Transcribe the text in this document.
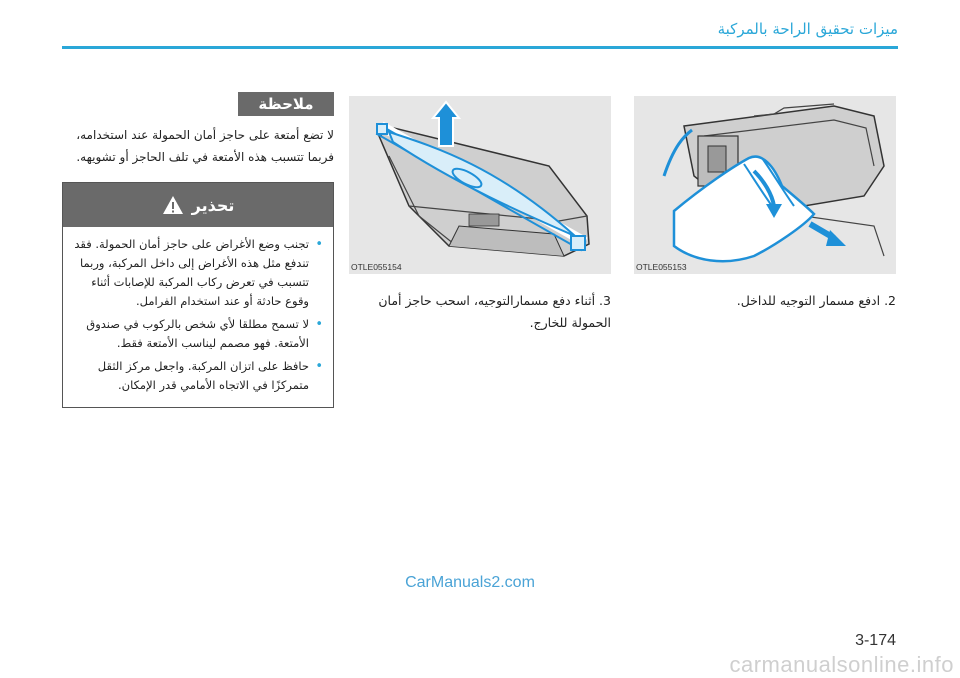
ميزات تحقيق الراحة بالمركبة
ملاحظة
لا تضع أمتعة على حاجز أمان الحمولة عند استخدامه، فربما تتسبب هذه الأمتعة في تلف الحاجز أو تشويهه.
تحذير
• تجنب وضع الأغراض على حاجز أمان الحمولة. فقد تندفع مثل هذه الأغراض إلى داخل المركبة، وربما تتسبب في تعرض ركاب المركبة للإصابات أثناء وقوع حادثة أو عند استخدام الفرامل.
• لا تسمح مطلقا لأي شخص بالركوب في صندوق الأمتعة. فهو مصمم ليناسب الأمتعة فقط.
• حافظ على اتزان المركبة. واجعل مركز الثقل متمركزًا في الاتجاه الأمامي قدر الإمكان.
OTLE055154	OTLE055153
3. أثناء دفع مسمارالتوجيه، اسحب حاجز أمان الحمولة للخارج.
2. ادفع مسمار التوجيه للداخل.
CarManuals2.com
3-174
carmanualsonline.info
